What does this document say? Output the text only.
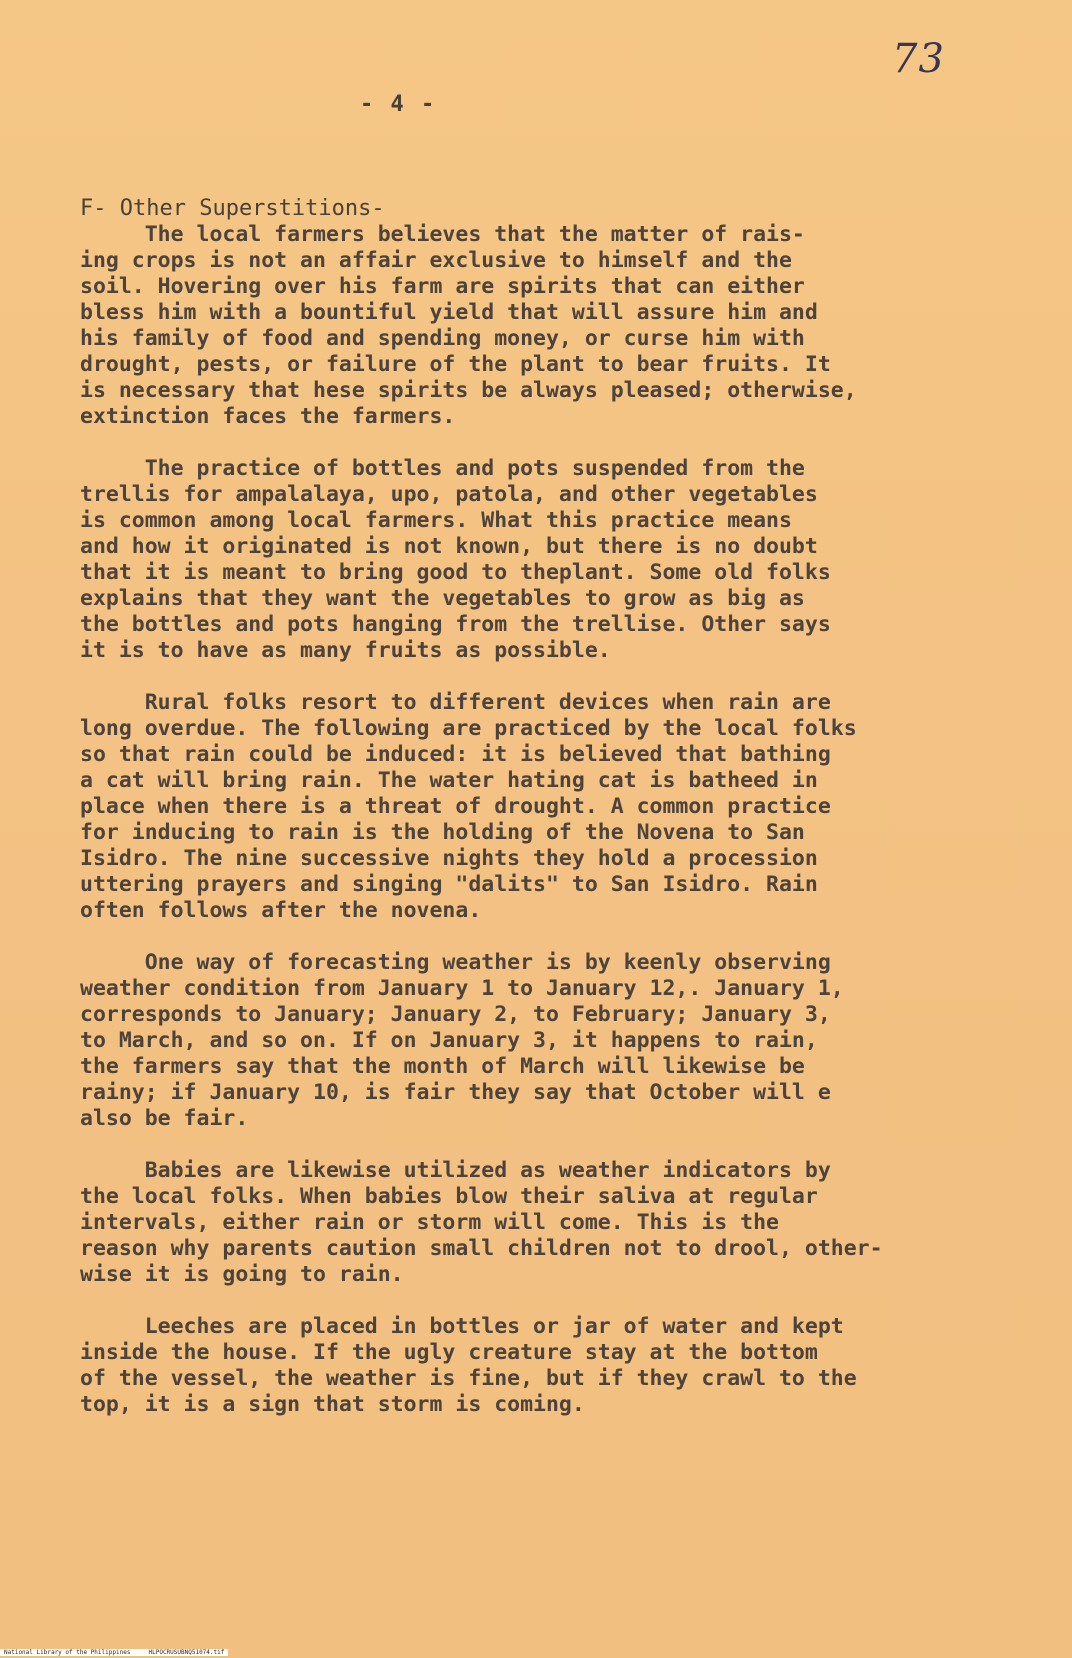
73
- 4 -
F- Other Superstitions-
The local farmers believes that the matter of rais-
ing crops is not an affair exclusive to himself and the
soil. Hovering over his farm are spirits that can either
bless him with a bountiful yield that will assure him and
his family of food and spending money, or curse him with
drought, pests, or failure of the plant to bear fruits. It
is necessary that hese spirits be always pleased; otherwise,
extinction faces the farmers.
The practice of bottles and pots suspended from the
trellis for ampalalaya, upo, patola, and other vegetables
is common among local farmers. What this practice means
and how it originated is not known, but there is no doubt
that it is meant to bring good to theplant. Some old folks
explains that they want the vegetables to grow as big as
the bottles and pots hanging from the trellise. Other says
it is to have as many fruits as possible.
Rural folks resort to different devices when rain are
long overdue. The following are practiced by the local folks
so that rain could be induced: it is believed that bathing
a cat will bring rain. The water hating cat is batheed in
place when there is a threat of drought. A common practice
for inducing to rain is the holding of the Novena to San
Isidro. The nine successive nights they hold a procession
uttering prayers and singing "dalits" to San Isidro. Rain
often follows after the novena.
One way of forecasting weather is by keenly observing
weather condition from January 1 to January 12,. January 1,
corresponds to January; January 2, to February; January 3,
to March, and so on. If on January 3, it happens to rain,
the farmers say that the month of March will likewise be
rainy; if January 10, is fair they say that October will e
also be fair.
Babies are likewise utilized as weather indicators by
the local folks. When babies blow their saliva at regular
intervals, either rain or storm will come. This is the
reason why parents caution small children not to drool, other-
wise it is going to rain.
Leeches are placed in bottles or jar of water and kept
inside the house. If the ugly creature stay at the bottom
of the vessel, the weather is fine, but if they crawl to the
top, it is a sign that storm is coming.
National Library of the Philippines	HLPOCRUSUBNQ51074.tif
